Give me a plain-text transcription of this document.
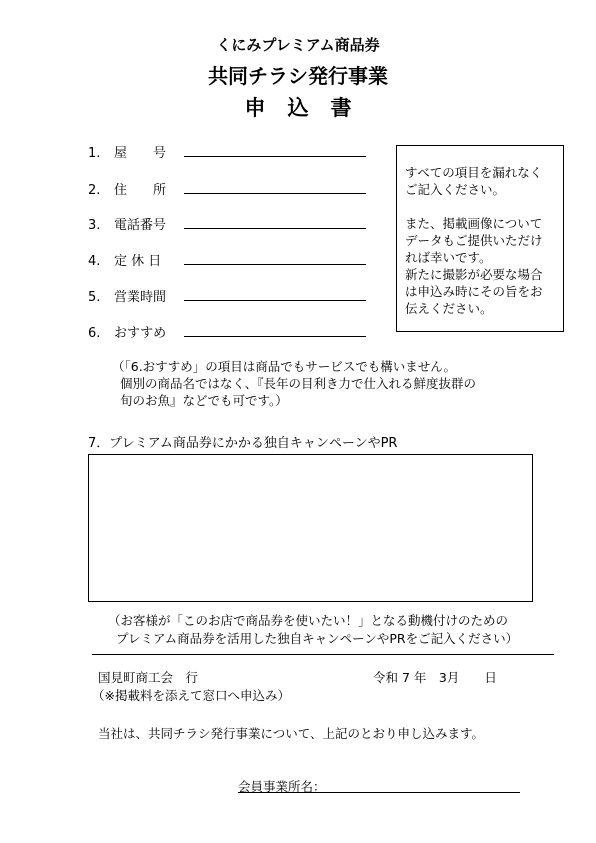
くにみプレミアム商品券
共同チラシ発行事業
申込書
1. 屋　　号
2. 住　　所
3. 電話番号
4. 定 休 日
5. 営業時間
6. おすすめ

すべての項目を漏れなく

ご記入ください。

また、掲載画像について

データもご提供いただけ

れば幸いです。

新たに撮影が必要な場合

は申込み時にその旨をお

伝えください。

（「6.おすすめ」の項目は商品でもサービスでも構いません。
個別の商品名ではなく、『長年の目利き力で仕入れる鮮度抜群の
旬のお魚』などでも可です。）
7．プレミアム商品券にかかる独自キャンペーンやPR
（お客様が「このお店で商品券を使いたい！」となる動機付けのための
プレミアム商品券を活用した独自キャンペーンやPRをご記入ください）
国見町商工会　行	令和 7 年　3月　　日
（※掲載料を添えて窓口へ申込み）
当社は、共同チラシ発行事業について、上記のとおり申し込みます。
会員事業所名：
